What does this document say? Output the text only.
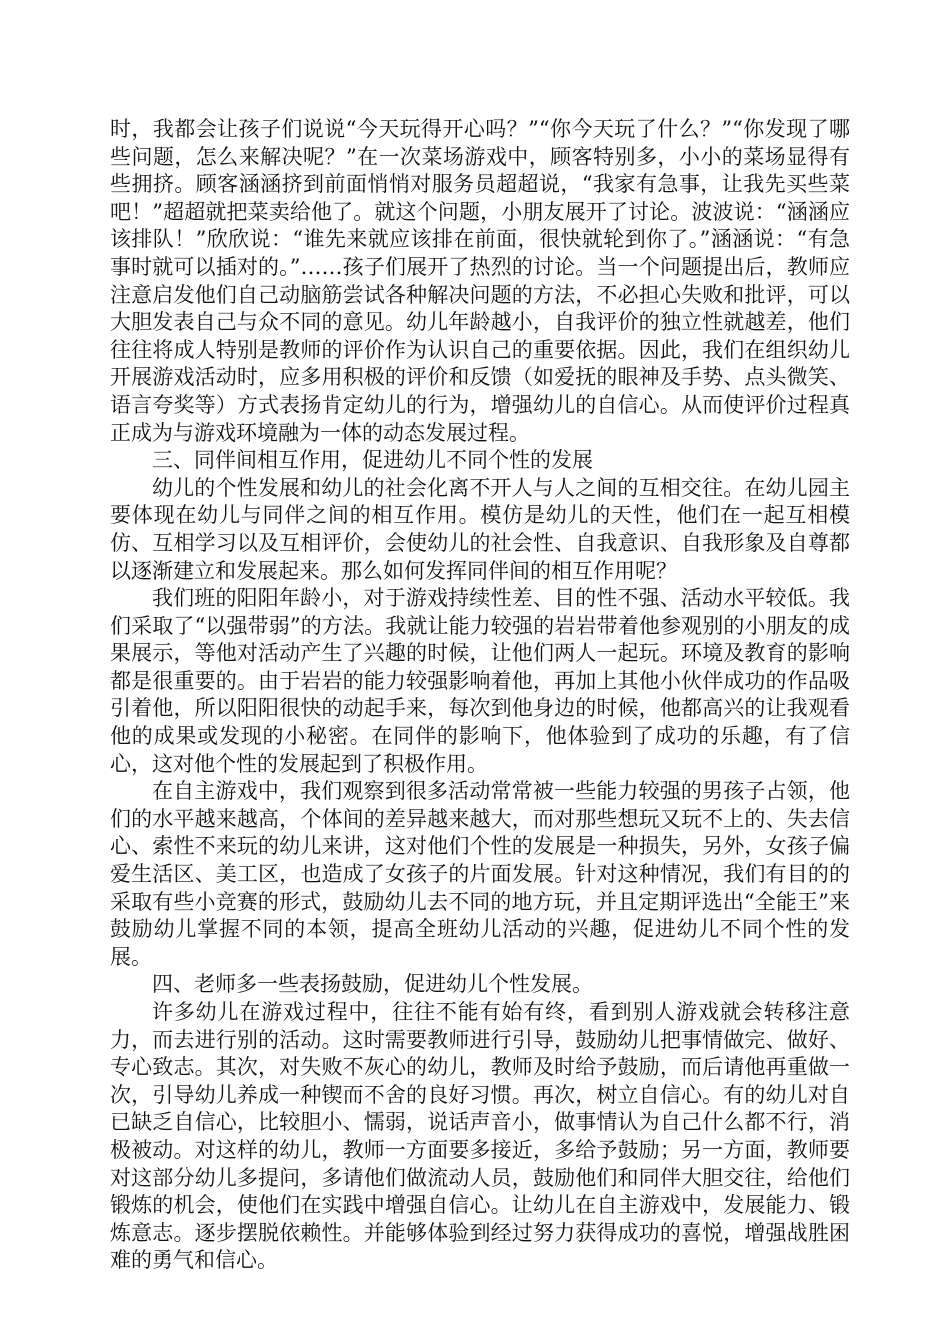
时，我都会让孩子们说说“今天玩得开心吗？”“你今天玩了什么？”“你发现了哪些问题，怎么来解决呢？”在一次菜场游戏中，顾客特别多，小小的菜场显得有些拥挤。顾客涵涵挤到前面悄悄对服务员超超说，“我家有急事，让我先买些菜吧！”超超就把菜卖给他了。就这个问题，小朋友展开了讨论。波波说：“涵涵应该排队！”欣欣说：“谁先来就应该排在前面，很快就轮到你了。”涵涵说：“有急事时就可以插对的。”……孩子们展开了热烈的讨论。当一个问题提出后，教师应注意启发他们自己动脑筋尝试各种解决问题的方法，不必担心失败和批评，可以大胆发表自己与众不同的意见。幼儿年龄越小，自我评价的独立性就越差，他们往往将成人特别是教师的评价作为认识自己的重要依据。因此，我们在组织幼儿开展游戏活动时，应多用积极的评价和反馈（如爱抚的眼神及手势、点头微笑、语言夸奖等）方式表扬肯定幼儿的行为，增强幼儿的自信心。从而使评价过程真正成为与游戏环境融为一体的动态发展过程。

三、同伴间相互作用，促进幼儿不同个性的发展

幼儿的个性发展和幼儿的社会化离不开人与人之间的互相交往。在幼儿园主要体现在幼儿与同伴之间的相互作用。模仿是幼儿的天性，他们在一起互相模仿、互相学习以及互相评价，会使幼儿的社会性、自我意识、自我形象及自尊都以逐渐建立和发展起来。那么如何发挥同伴间的相互作用呢？

我们班的阳阳年龄小，对于游戏持续性差、目的性不强、活动水平较低。我们采取了“以强带弱”的方法。我就让能力较强的岩岩带着他参观别的小朋友的成果展示，等他对活动产生了兴趣的时候，让他们两人一起玩。环境及教育的影响都是很重要的。由于岩岩的能力较强影响着他，再加上其他小伙伴成功的作品吸引着他，所以阳阳很快的动起手来，每次到他身边的时候，他都高兴的让我观看他的成果或发现的小秘密。在同伴的影响下，他体验到了成功的乐趣，有了信心，这对他个性的发展起到了积极作用。

在自主游戏中，我们观察到很多活动常常被一些能力较强的男孩子占领，他们的水平越来越高，个体间的差异越来越大，而对那些想玩又玩不上的、失去信心、索性不来玩的幼儿来讲，这对他们个性的发展是一种损失，另外，女孩子偏爱生活区、美工区，也造成了女孩子的片面发展。针对这种情况，我们有目的的采取有些小竞赛的形式，鼓励幼儿去不同的地方玩，并且定期评选出“全能王”来鼓励幼儿掌握不同的本领，提高全班幼儿活动的兴趣，促进幼儿不同个性的发展。

四、老师多一些表扬鼓励，促进幼儿个性发展。

许多幼儿在游戏过程中，往往不能有始有终，看到别人游戏就会转移注意力，而去进行别的活动。这时需要教师进行引导，鼓励幼儿把事情做完、做好、专心致志。其次，对失败不灰心的幼儿，教师及时给予鼓励，而后请他再重做一次，引导幼儿养成一种锲而不舍的良好习惯。再次，树立自信心。有的幼儿对自已缺乏自信心，比较胆小、懦弱，说话声音小，做事情认为自己什么都不行，消极被动。对这样的幼儿，教师一方面要多接近，多给予鼓励；另一方面，教师要对这部分幼儿多提问，多请他们做流动人员，鼓励他们和同伴大胆交往，给他们锻炼的机会，使他们在实践中增强自信心。让幼儿在自主游戏中，发展能力、锻炼意志。逐步摆脱依赖性。并能够体验到经过努力获得成功的喜悦，增强战胜困难的勇气和信心。
